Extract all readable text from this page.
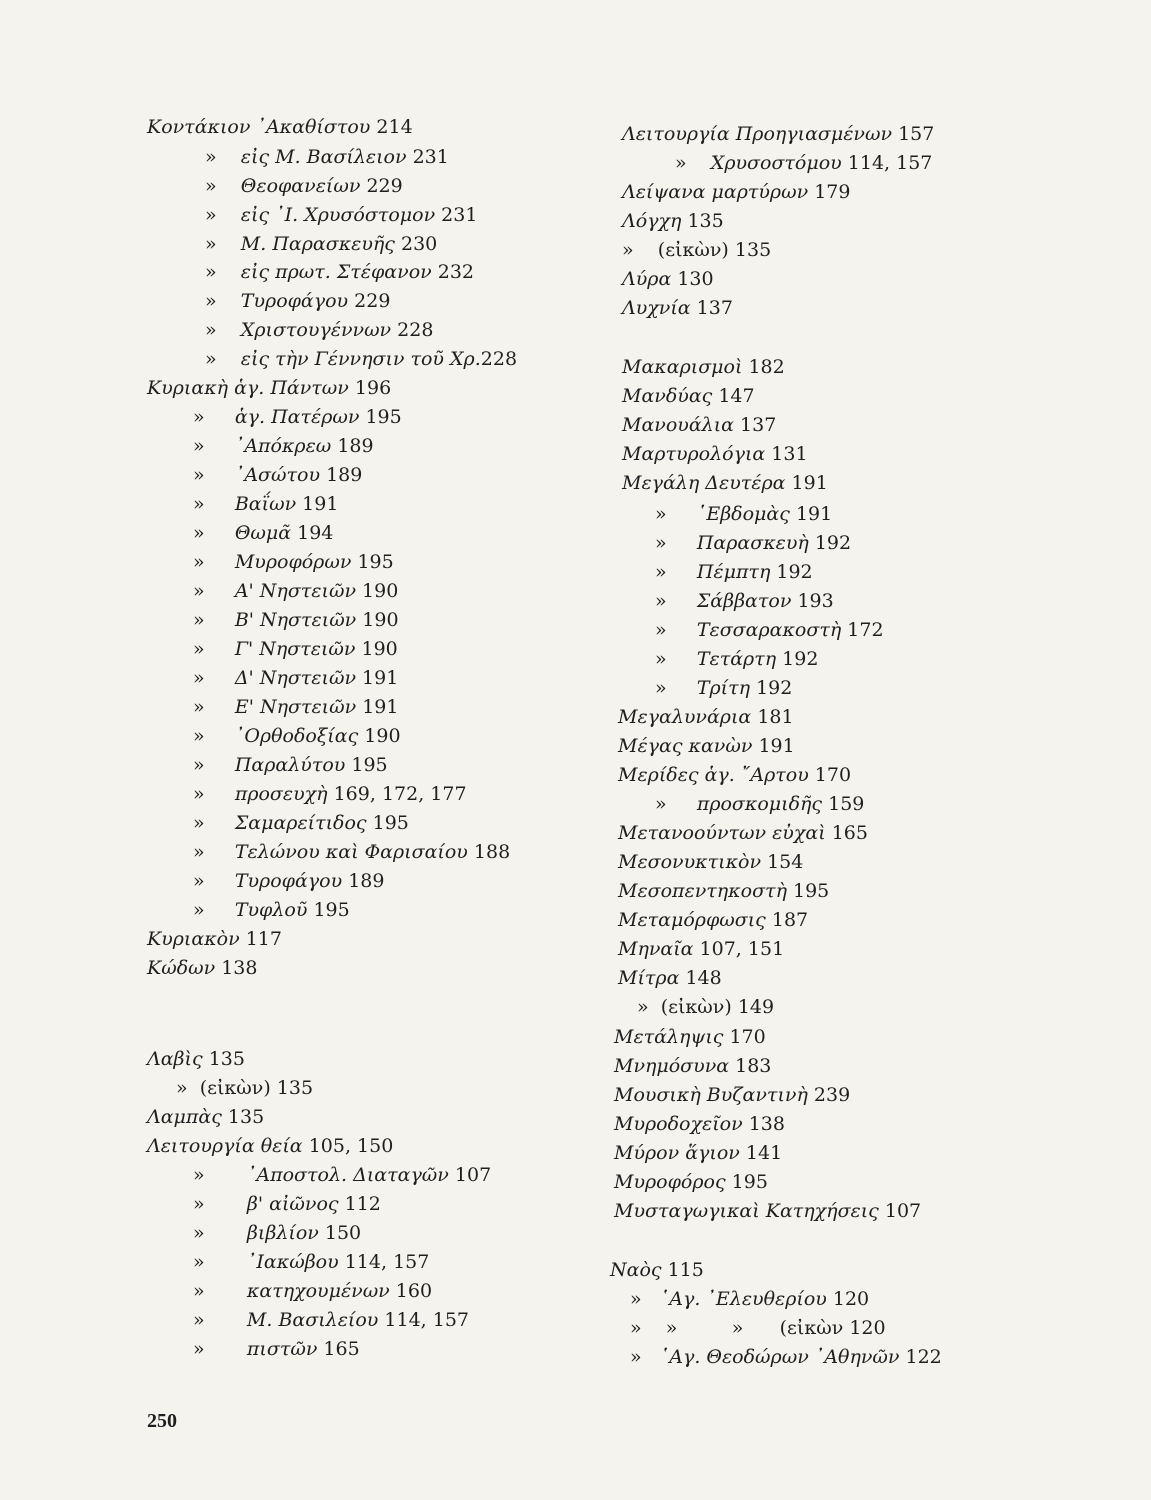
Κοντάκιον ᾿Ακαθίστου 214
» εἰς Μ. Βασίλειον 231
» Θεοφανείων 229
» εἰς ᾿Ι. Χρυσόστομον 231
» Μ. Παρασκευῆς 230
» εἰς πρωτ. Στέφανον 232
» Τυροφάγου 229
» Χριστουγέννων 228
» εἰς τὴν Γέννησιν τοῦ Χρ.228
Κυριακὴ ἁγ. Πάντων 196
» ἁγ. Πατέρων 195
» ᾿Απόκρεω 189
» ᾿Ασώτου 189
» Βαΐων 191
» Θωμᾶ 194
» Μυροφόρων 195
» Α' Νηστειῶν 190
» Β' Νηστειῶν 190
» Γ' Νηστειῶν 190
» Δ' Νηστειῶν 191
» Ε' Νηστειῶν 191
» ᾿Ορθοδοξίας 190
» Παραλύτου 195
» προσευχὴ 169, 172, 177
» Σαμαρείτιδος 195
» Τελώνου καὶ Φαρισαίου 188
» Τυροφάγου 189
» Τυφλοῦ 195
Κυριακὸν 117
Κώδων 138
Λαβὶς 135
» (εἰκὼν) 135
Λαμπὰς 135
Λειτουργία θεία 105, 150
» ᾿Αποστολ. Διαταγῶν 107
» β' αἰῶνος 112
» βιβλίον 150
» ᾿Ιακώβου 114, 157
» κατηχουμένων 160
» Μ. Βασιλείου 114, 157
» πιστῶν 165
Λειτουργία Προηγιασμένων 157
» Χρυσοστόμου 114, 157
Λείψανα μαρτύρων 179
Λόγχη 135
» (εἰκὼν) 135
Λύρα 130
Λυχνία 137
Μακαρισμοὶ 182
Μανδύας 147
Μανουάλια 137
Μαρτυρολόγια 131
Μεγάλη Δευτέρα 191
» ῾Εβδομὰς 191
» Παρασκευὴ 192
» Πέμπτη 192
» Σάββατον 193
» Τεσσαρακοστὴ 172
» Τετάρτη 192
» Τρίτη 192
Μεγαλυνάρια 181
Μέγας κανὼν 191
Μερίδες ἁγ. ῎Αρτου 170
» προσκομιδῆς 159
Μετανοούντων εὐχαὶ 165
Μεσονυκτικὸν 154
Μεσοπεντηκοστὴ 195
Μεταμόρφωσις 187
Μηναῖα 107, 151
Μίτρα 148
» (εἰκὼν) 149
Μετάληψις 170
Μνημόσυνα 183
Μουσικὴ Βυζαντινὴ 239
Μυροδοχεῖον 138
Μύρον ἅγιον 141
Μυροφόρος 195
Μυσταγωγικαὶ Κατηχήσεις 107
Ναὸς 115
» ῾Αγ. ᾿Ελευθερίου 120
»    »         » (εἰκὼν 120
» ῾Αγ. Θεοδώρων ᾿Αθηνῶν 122
250
